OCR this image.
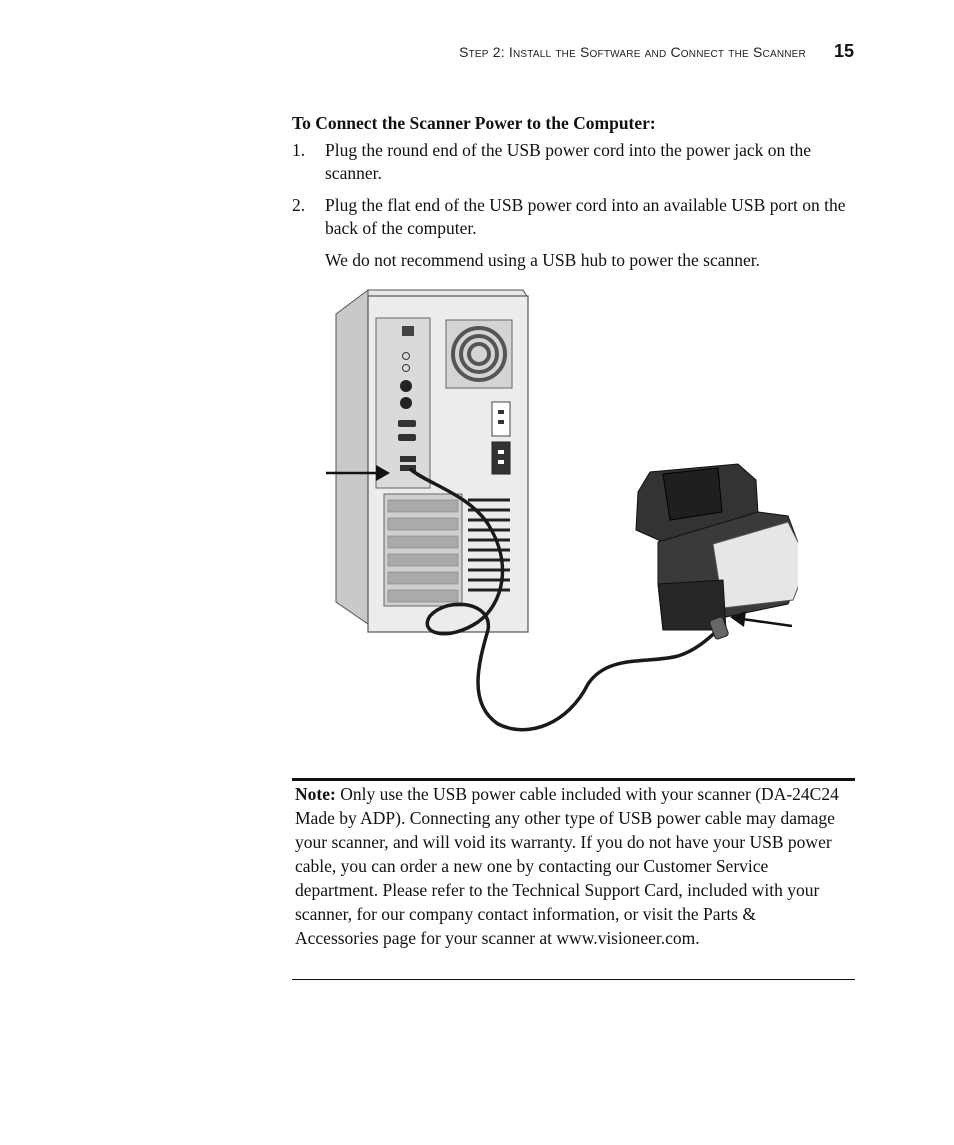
Step 2: Install the Software and Connect the Scanner 15
To Connect the Scanner Power to the Computer:
1. Plug the round end of the USB power cord into the power jack on the scanner.
2. Plug the flat end of the USB power cord into an available USB port on the back of the computer.
We do not recommend using a USB hub to power the scanner.
Note: Only use the USB power cable included with your scanner (DA-24C24 Made by ADP). Connecting any other type of USB power cable may damage your scanner, and will void its warranty. If you do not have your USB power cable, you can order a new one by contacting our Customer Service department. Please refer to the Technical Support Card, included with your scanner, for our company contact information, or visit the Parts & Accessories page for your scanner at www.visioneer.com.
